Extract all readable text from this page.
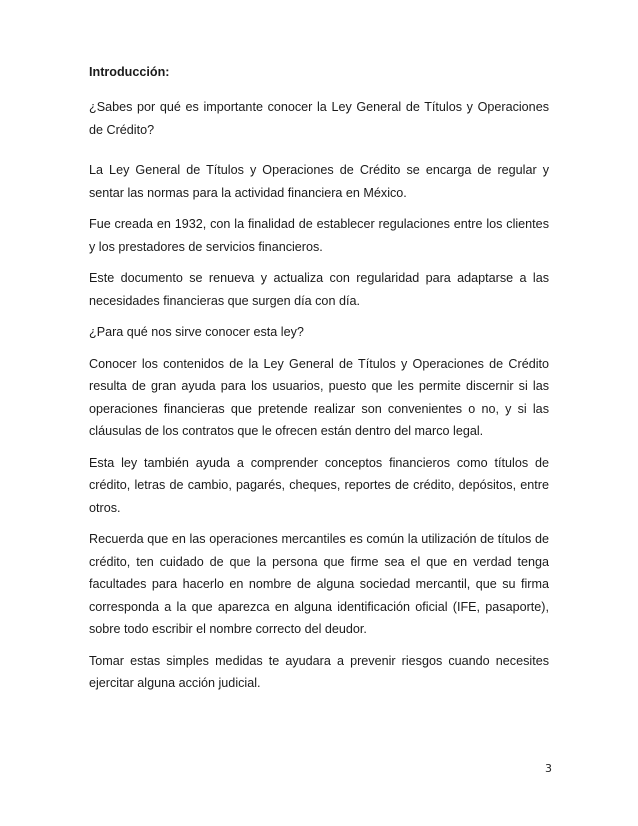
Introducción:

¿Sabes por qué es importante conocer la Ley General de Títulos y Operaciones de Crédito?

La Ley General de Títulos y Operaciones de Crédito se encarga de regular y sentar las normas para la actividad financiera en México.

Fue creada en 1932, con la finalidad de establecer regulaciones entre los clientes y los prestadores de servicios financieros.

Este documento se renueva y actualiza con regularidad para adaptarse a las necesidades financieras que surgen día con día.

¿Para qué nos sirve conocer esta ley?

Conocer los contenidos de la Ley General de Títulos y Operaciones de Crédito resulta de gran ayuda para los usuarios, puesto que les permite discernir si las operaciones financieras que pretende realizar son convenientes o no, y si las cláusulas de los contratos que le ofrecen están dentro del marco legal.

Esta ley también ayuda a comprender conceptos financieros como títulos de crédito, letras de cambio, pagarés, cheques, reportes de crédito, depósitos, entre otros.

Recuerda que en las operaciones mercantiles es común la utilización de títulos de crédito, ten cuidado de que la persona que firme sea el que en verdad tenga facultades para hacerlo en nombre de alguna sociedad mercantil, que su firma corresponda a la que aparezca en alguna identificación oficial (IFE, pasaporte), sobre todo escribir el nombre correcto del deudor.

Tomar estas simples medidas te ayudara a prevenir riesgos cuando necesites ejercitar alguna acción judicial.

3
